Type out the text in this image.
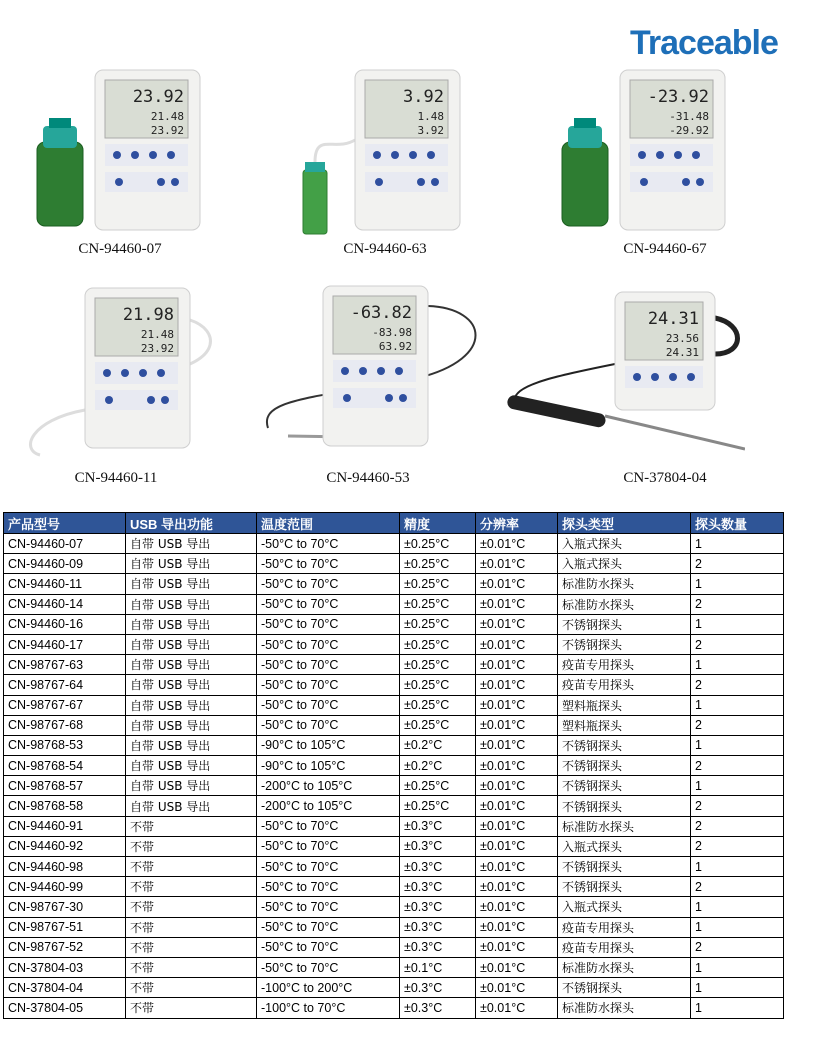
Traceable
23.92
21.48
23.92
CN-94460-07
3.92
1.48
3.92
CN-94460-63
-23.92
-31.48
-29.92
CN-94460-67
21.98
21.48
23.92
CN-94460-11
-63.82
-83.98
63.92
CN-94460-53
24.31
23.56
24.31
CN-37804-04
产品型号	USB 导出功能	温度范围	精度	分辨率	探头类型	探头数量
CN-94460-07	自带 USB 导出	-50°C to 70°C	±0.25°C	±0.01°C	入瓶式探头	1
CN-94460-09	自带 USB 导出	-50°C to 70°C	±0.25°C	±0.01°C	入瓶式探头	2
CN-94460-11	自带 USB 导出	-50°C to 70°C	±0.25°C	±0.01°C	标准防水探头	1
CN-94460-14	自带 USB 导出	-50°C to 70°C	±0.25°C	±0.01°C	标准防水探头	2
CN-94460-16	自带 USB 导出	-50°C to 70°C	±0.25°C	±0.01°C	不锈钢探头	1
CN-94460-17	自带 USB 导出	-50°C to 70°C	±0.25°C	±0.01°C	不锈钢探头	2
CN-98767-63	自带 USB 导出	-50°C to 70°C	±0.25°C	±0.01°C	疫苗专用探头	1
CN-98767-64	自带 USB 导出	-50°C to 70°C	±0.25°C	±0.01°C	疫苗专用探头	2
CN-98767-67	自带 USB 导出	-50°C to 70°C	±0.25°C	±0.01°C	塑料瓶探头	1
CN-98767-68	自带 USB 导出	-50°C to 70°C	±0.25°C	±0.01°C	塑料瓶探头	2
CN-98768-53	自带 USB 导出	-90°C to 105°C	±0.2°C	±0.01°C	不锈钢探头	1
CN-98768-54	自带 USB 导出	-90°C to 105°C	±0.2°C	±0.01°C	不锈钢探头	2
CN-98768-57	自带 USB 导出	-200°C to 105°C	±0.25°C	±0.01°C	不锈钢探头	1
CN-98768-58	自带 USB 导出	-200°C to 105°C	±0.25°C	±0.01°C	不锈钢探头	2
CN-94460-91	不带	-50°C to 70°C	±0.3°C	±0.01°C	标准防水探头	2
CN-94460-92	不带	-50°C to 70°C	±0.3°C	±0.01°C	入瓶式探头	2
CN-94460-98	不带	-50°C to 70°C	±0.3°C	±0.01°C	不锈钢探头	1
CN-94460-99	不带	-50°C to 70°C	±0.3°C	±0.01°C	不锈钢探头	2
CN-98767-30	不带	-50°C to 70°C	±0.3°C	±0.01°C	入瓶式探头	1
CN-98767-51	不带	-50°C to 70°C	±0.3°C	±0.01°C	疫苗专用探头	1
CN-98767-52	不带	-50°C to 70°C	±0.3°C	±0.01°C	疫苗专用探头	2
CN-37804-03	不带	-50°C to 70°C	±0.1°C	±0.01°C	标准防水探头	1
CN-37804-04	不带	-100°C to 200°C	±0.3°C	±0.01°C	不锈钢探头	1
CN-37804-05	不带	-100°C to 70°C	±0.3°C	±0.01°C	标准防水探头	1
